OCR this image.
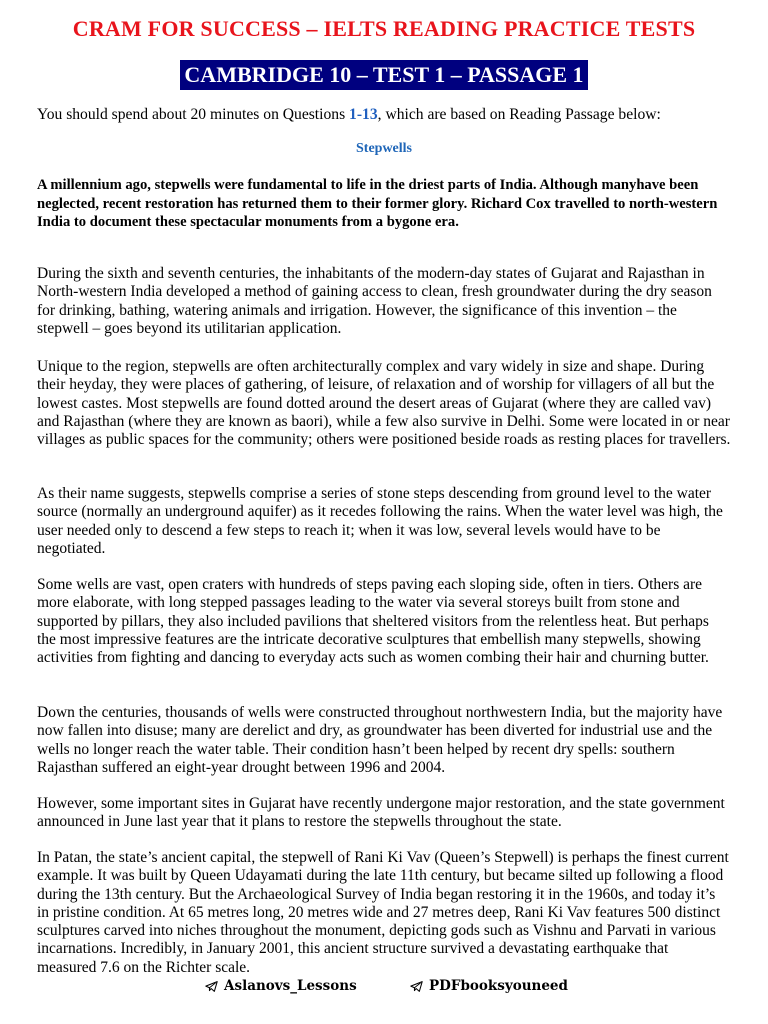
CRAM FOR SUCCESS – IELTS READING PRACTICE TESTS
CAMBRIDGE 10 – TEST 1 – PASSAGE 1

You should spend about 20 minutes on Questions 1-13, which are based on Reading Passage below:

Stepwells

A millennium ago, stepwells were fundamental to life in the driest parts of India. Although manyhave been neglected, recent restoration has returned them to their former glory. Richard Cox travelled to north-western India to document these spectacular monuments from a bygone era.

During the sixth and seventh centuries, the inhabitants of the modern-day states of Gujarat and Rajasthan in North-western India developed a method of gaining access to clean, fresh groundwater during the dry season for drinking, bathing, watering animals and irrigation. However, the significance of this invention – the stepwell – goes beyond its utilitarian application.

Unique to the region, stepwells are often architecturally complex and vary widely in size and shape. During their heyday, they were places of gathering, of leisure, of relaxation and of worship for villagers of all but the lowest castes. Most stepwells are found dotted around the desert areas of Gujarat (where they are called vav) and Rajasthan (where they are known as baori), while a few also survive in Delhi. Some were located in or near villages as public spaces for the community; others were positioned beside roads as resting places for travellers.

As their name suggests, stepwells comprise a series of stone steps descending from ground level to the water source (normally an underground aquifer) as it recedes following the rains. When the water level was high, the user needed only to descend a few steps to reach it; when it was low, several levels would have to be negotiated.

Some wells are vast, open craters with hundreds of steps paving each sloping side, often in tiers. Others are more elaborate, with long stepped passages leading to the water via several storeys built from stone and supported by pillars, they also included pavilions that sheltered visitors from the relentless heat. But perhaps the most impressive features are the intricate decorative sculptures that embellish many stepwells, showing activities from fighting and dancing to everyday acts such as women combing their hair and churning butter.

Down the centuries, thousands of wells were constructed throughout northwestern India, but the majority have now fallen into disuse; many are derelict and dry, as groundwater has been diverted for industrial use and the wells no longer reach the water table. Their condition hasn’t been helped by recent dry spells: southern Rajasthan suffered an eight-year drought between 1996 and 2004.

However, some important sites in Gujarat have recently undergone major restoration, and the state government announced in June last year that it plans to restore the stepwells throughout the state.

In Patan, the state’s ancient capital, the stepwell of Rani Ki Vav (Queen’s Stepwell) is perhaps the finest current example. It was built by Queen Udayamati during the late 11th century, but became silted up following a flood during the 13th century. But the Archaeological Survey of India began restoring it in the 1960s, and today it’s in pristine condition. At 65 metres long, 20 metres wide and 27 metres deep, Rani Ki Vav features 500 distinct sculptures carved into niches throughout the monument, depicting gods such as Vishnu and Parvati in various incarnations. Incredibly, in January 2001, this ancient structure survived a devastating earthquake that measured 7.6 on the Richter scale.

Aslanovs_Lessons	PDFbooksyouneed
